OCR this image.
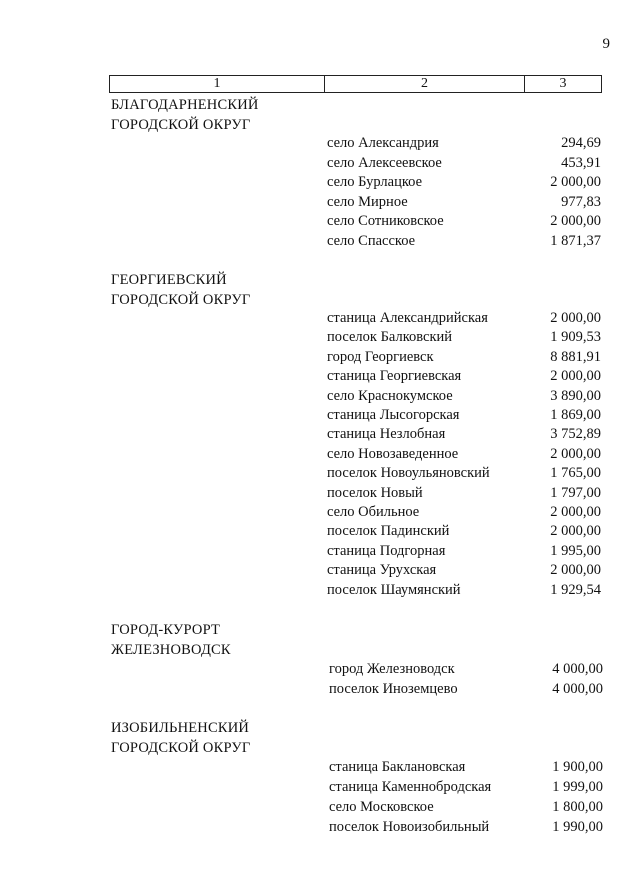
9
1	2	3
БЛАГОДАРНЕНСКИЙ
ГОРОДСКОЙ ОКРУГ
село Александрия	294,69
село Алексеевское	453,91
село Бурлацкое	2 000,00
село Мирное	977,83
село Сотниковское	2 000,00
село Спасское	1 871,37
ГЕОРГИЕВСКИЙ
ГОРОДСКОЙ ОКРУГ
станица Александрийская	2 000,00
поселок Балковский	1 909,53
город Георгиевск	8 881,91
станица Георгиевская	2 000,00
село Краснокумское	3 890,00
станица Лысогорская	1 869,00
станица Незлобная	3 752,89
село Новозаведенное	2 000,00
поселок Новоульяновский	1 765,00
поселок Новый	1 797,00
село Обильное	2 000,00
поселок Падинский	2 000,00
станица Подгорная	1 995,00
станица Урухская	2 000,00
поселок Шаумянский	1 929,54
ГОРОД-КУРОРТ
ЖЕЛЕЗНОВОДСК
город Железноводск	4 000,00
поселок Иноземцево	4 000,00
ИЗОБИЛЬНЕНСКИЙ
ГОРОДСКОЙ ОКРУГ
станица Баклановская	1 900,00
станица Каменнобродская	1 999,00
село Московское	1 800,00
поселок Новоизобильный	1 990,00
